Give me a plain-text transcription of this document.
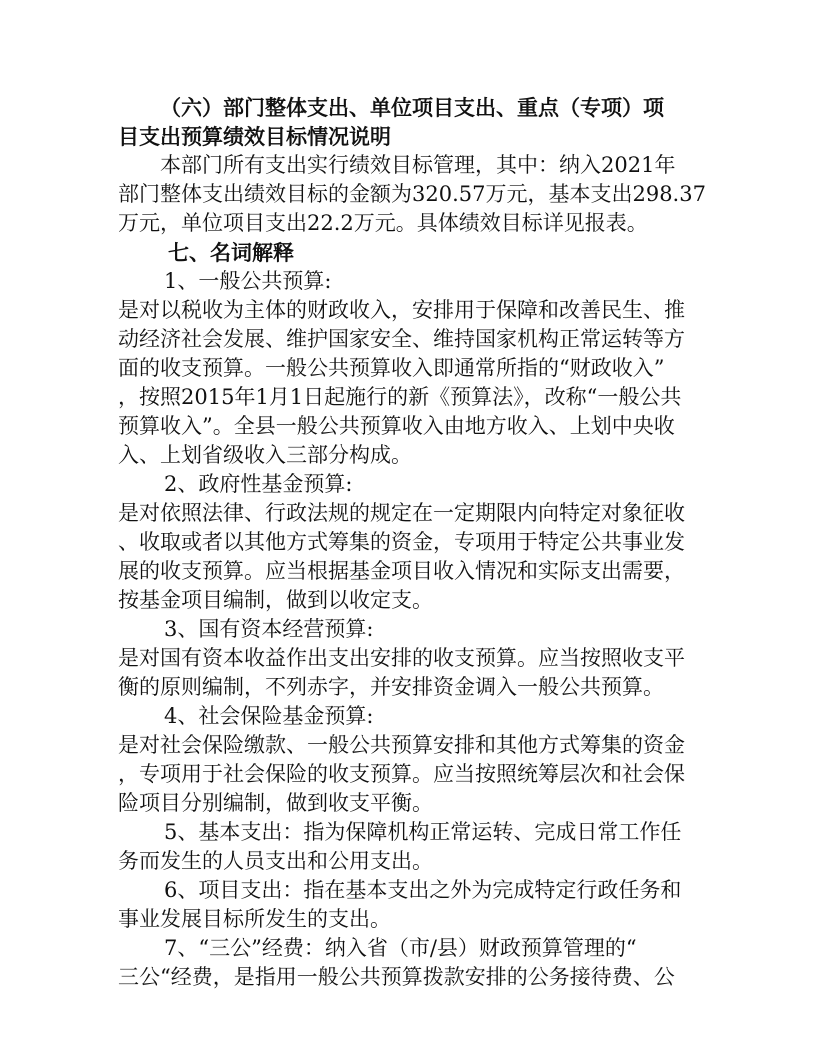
（六）部门整体支出、单位项目支出、重点（专项）项
目支出预算绩效目标情况说明
本部门所有支出实行绩效目标管理，其中：纳入2021年
部门整体支出绩效目标的金额为320.57万元，基本支出298.37
万元，单位项目支出22.2万元。具体绩效目标详见报表。
七、名词解释
1、一般公共预算:
是对以税收为主体的财政收入，安排用于保障和改善民生、推
动经济社会发展、维护国家安全、维持国家机构正常运转等方
面的收支预算。一般公共预算收入即通常所指的“财政收入”
，按照2015年1月1日起施行的新《预算法》，改称“一般公共
预算收入”。全县一般公共预算收入由地方收入、上划中央收
入、上划省级收入三部分构成。
2、政府性基金预算:
是对依照法律、行政法规的规定在一定期限内向特定对象征收
、收取或者以其他方式筹集的资金，专项用于特定公共事业发
展的收支预算。应当根据基金项目收入情况和实际支出需要，
按基金项目编制，做到以收定支。
3、国有资本经营预算:
是对国有资本收益作出支出安排的收支预算。应当按照收支平
衡的原则编制，不列赤字，并安排资金调入一般公共预算。
4、社会保险基金预算:
是对社会保险缴款、一般公共预算安排和其他方式筹集的资金
，专项用于社会保险的收支预算。应当按照统筹层次和社会保
险项目分别编制，做到收支平衡。
5、基本支出：指为保障机构正常运转、完成日常工作任
务而发生的人员支出和公用支出。
6、项目支出：指在基本支出之外为完成特定行政任务和
事业发展目标所发生的支出。
7、“三公”经费：纳入省（市/县）财政预算管理的“
三公“经费，是指用一般公共预算拨款安排的公务接待费、公
